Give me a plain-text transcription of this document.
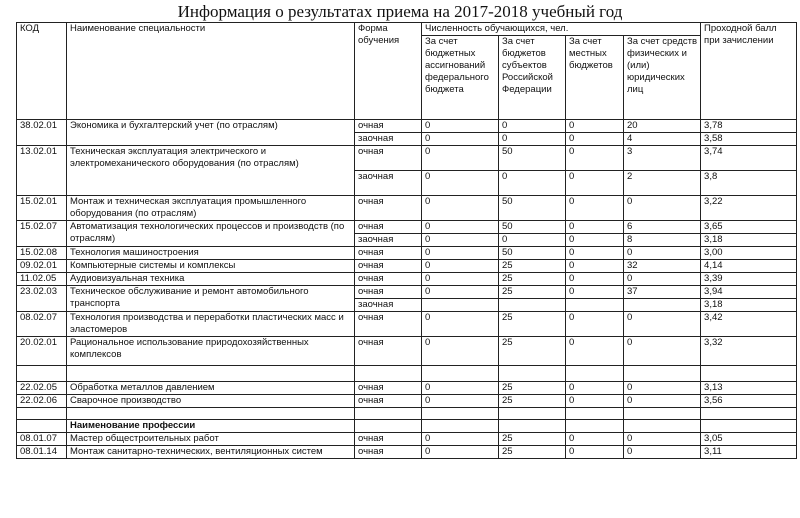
Информация о результатах приема на 2017-2018 учебный год
КОД	Наименование специальности	Форма обучения	Численность обучающихся, чел.				Проходной балл при зачислении
			За счет бюджетных ассигнований федерального бюджета	За счет бюджетов субъектов Российской Федерации	За счет местных бюджетов	За счет средств физических и (или) юридических лиц	
38.02.01	Экономика и бухгалтерский учет (по отраслям)	очная	0	0	0	20	3,78
		заочная	0	0	0	4	3,58
13.02.01	Техническая эксплуатация электрического и электромеханического оборудования (по отраслям)	очная	0	50	0	3	3,74
		заочная	0	0	0	2	3,8
15.02.01	Монтаж и техническая эксплуатация промышленного оборудования (по отраслям)	очная	0	50	0	0	3,22
15.02.07	Автоматизация технологических процессов и производств (по отраслям)	очная	0	50	0	6	3,65
		заочная	0	0	0	8	3,18
15.02.08	Технология машиностроения	очная	0	50	0	0	3,00
09.02.01	Компьютерные системы и комплексы	очная	0	25	0	32	4,14
11.02.05	Аудиовизуальная техника	очная	0	25	0	0	3,39
23.02.03	Техническое обслуживание и ремонт автомобильного транспорта	очная	0	25	0	37	3,94
		заочная					3,18
08.02.07	Технология производства и переработки пластических масс и эластомеров	очная	0	25	0	0	3,42
20.02.01	Рациональное использование природохозяйственных комплексов	очная	0	25	0	0	3,32

22.02.05	Обработка металлов давлением	очная	0	25	0	0	3,13
22.02.06	Сварочное производство	очная	0	25	0	0	3,56

	Наименование профессии						
08.01.07	Мастер общестроительных работ	очная	0	25	0	0	3,05
08.01.14	Монтаж санитарно-технических, вентиляционных систем	очная	0	25	0	0	3,11
